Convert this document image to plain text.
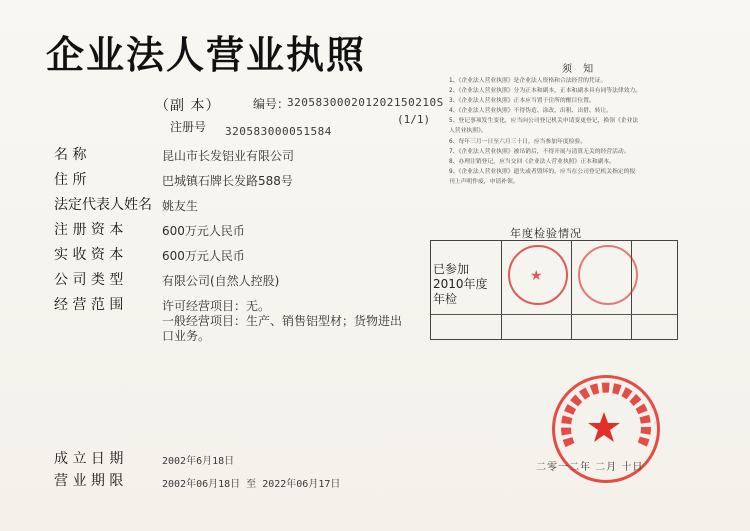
企业法人营业执照
（副 本）	编号：
320583000201202150210S
注册号 320583000051584
(1/1)
名 称	昆山市长发铝业有限公司
住 所	巴城镇石牌长发路588号
法定代表人姓名 姚友生
注 册 资 本	600万元人民币
实 收 资 本	600万元人民币
公 司 类 型	有限公司(自然人控股)
经 营 范 围	许可经营项目：无。
一般经营项目：生产、销售铝型材；货物进出
口业务。
成 立 日 期	2002年6月18日
营 业 期 限	2002年06月18日 至 2022年06月17日
须 知
1、《企业法人营业执照》是企业法人资格和合法经营的凭证。
2、《企业法人营业执照》分为正本和副本，正本和副本具有同等法律效力。
3、《企业法人营业执照》正本应当置于住所的醒目位置。
4、《企业法人营业执照》不得伪造、涂改、出租、出借、转让。
5、登记事项发生变化，应当向公司登记机关申请变更登记，换领《企业法
人营业执照》。
6、每年三月一日至六月三十日，应当参加年度检验。
7、《企业法人营业执照》被吊销后，不得开展与清算无关的经营活动。
8、办理注销登记，应当交回《企业法人营业执照》正本和副本。
9、《企业法人营业执照》遗失或者毁坏的，应当在公司登记机关指定的报
刊上声明作废，申请补领。
年度检验情况
已参加2010年度年检
★
二零一二年 二月 十日
